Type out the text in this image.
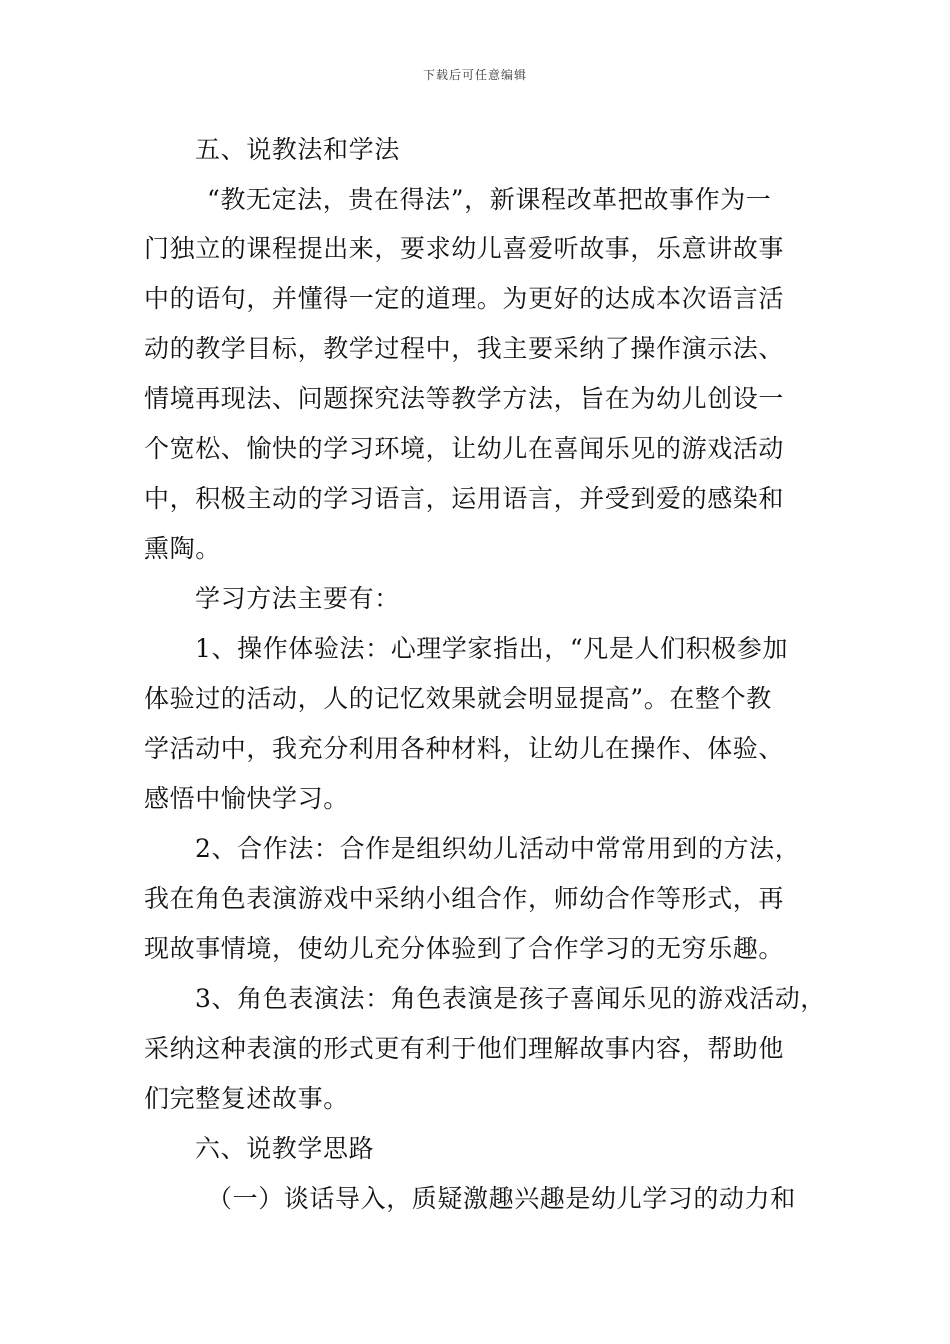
下载后可任意编辑
五、说教法和学法
“教无定法，贵在得法”，新课程改革把故事作为一
门独立的课程提出来，要求幼儿喜爱听故事，乐意讲故事
中的语句，并懂得一定的道理。为更好的达成本次语言活
动的教学目标，教学过程中，我主要采纳了操作演示法、
情境再现法、问题探究法等教学方法，旨在为幼儿创设一
个宽松、愉快的学习环境，让幼儿在喜闻乐见的游戏活动
中，积极主动的学习语言，运用语言，并受到爱的感染和
熏陶。
学习方法主要有：
1、操作体验法：心理学家指出，“凡是人们积极参加
体验过的活动，人的记忆效果就会明显提高”。在整个教
学活动中，我充分利用各种材料，让幼儿在操作、体验、
感悟中愉快学习。
2、合作法：合作是组织幼儿活动中常常用到的方法，
我在角色表演游戏中采纳小组合作，师幼合作等形式，再
现故事情境，使幼儿充分体验到了合作学习的无穷乐趣。
3、角色表演法：角色表演是孩子喜闻乐见的游戏活动，
采纳这种表演的形式更有利于他们理解故事内容，帮助他
们完整复述故事。
六、说教学思路
（一）谈话导入，质疑激趣兴趣是幼儿学习的动力和
